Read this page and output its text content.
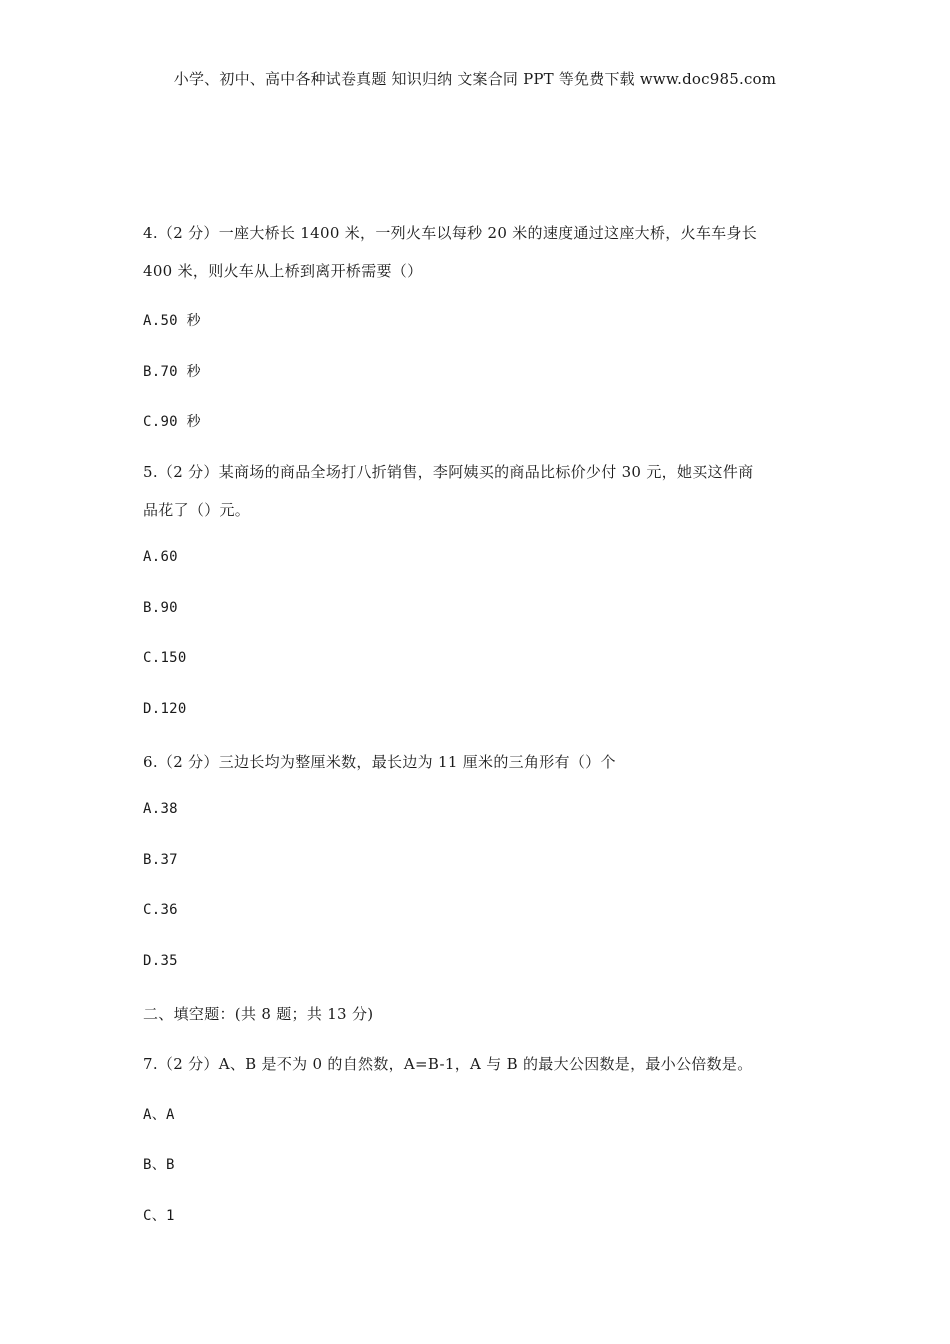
小学、初中、高中各种试卷真题 知识归纳 文案合同 PPT 等免费下载 www.doc985.com
4.（2 分）一座大桥长 1400 米，一列火车以每秒 20 米的速度通过这座大桥，火车车身长
400 米，则火车从上桥到离开桥需要（）
A.50 秒
B.70 秒
C.90 秒
5.（2 分）某商场的商品全场打八折销售，李阿姨买的商品比标价少付 30 元，她买这件商
品花了（）元。
A.60
B.90
C.150
D.120
6.（2 分）三边长均为整厘米数，最长边为 11 厘米的三角形有（）个
A.38
B.37
C.36
D.35
二、填空题：(共 8 题；共 13 分)
7.（2 分）A、B 是不为 0 的自然数，A=B-1，A 与 B 的最大公因数是，最小公倍数是。
A、A
B、B
C、1
